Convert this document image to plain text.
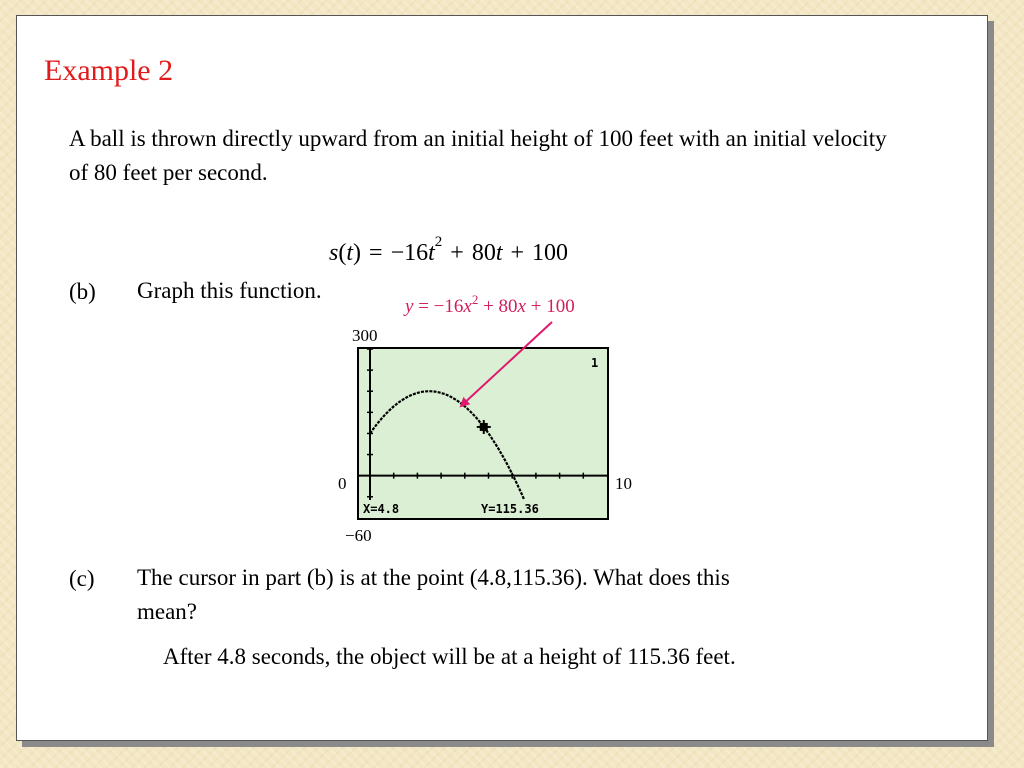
Example 2

A ball is thrown directly upward from an initial height of 100 feet with an initial velocity of 80 feet per second.

$s(t) = -16t^2 + 80t + 100$
(b) Graph this function.
$y = -16x^2 + 80x + 100$
300
0	10
−60
1
X=4.8	Y=115.36
(c) The cursor in part (b) is at the point (4.8,115.36). What does this
mean?
After 4.8 seconds, the object will be at a height of 115.36 feet.
